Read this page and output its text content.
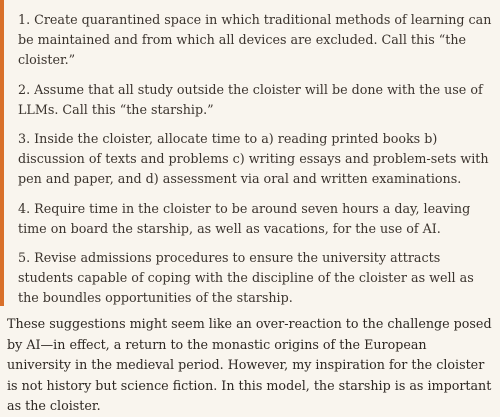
1. Create quarantined space in which traditional methods of learning can be maintained and from which all devices are excluded. Call this “the cloister.”

2. Assume that all study outside the cloister will be done with the use of LLMs. Call this “the starship.”

3. Inside the cloister, allocate time to a) reading printed books b) discussion of texts and problems c) writing essays and problem-sets with pen and paper, and d) assessment via oral and written examinations.

4. Require time in the cloister to be around seven hours a day, leaving time on board the starship, as well as vacations, for the use of AI.

5. Revise admissions procedures to ensure the university attracts students capable of coping with the discipline of the cloister as well as the boundles opportunities of the starship.

These suggestions might seem like an over-reaction to the challenge posed by AI—in effect, a return to the monastic origins of the European university in the medieval period. However, my inspiration for the cloister is not history but science fiction. In this model, the starship is as important as the cloister.
